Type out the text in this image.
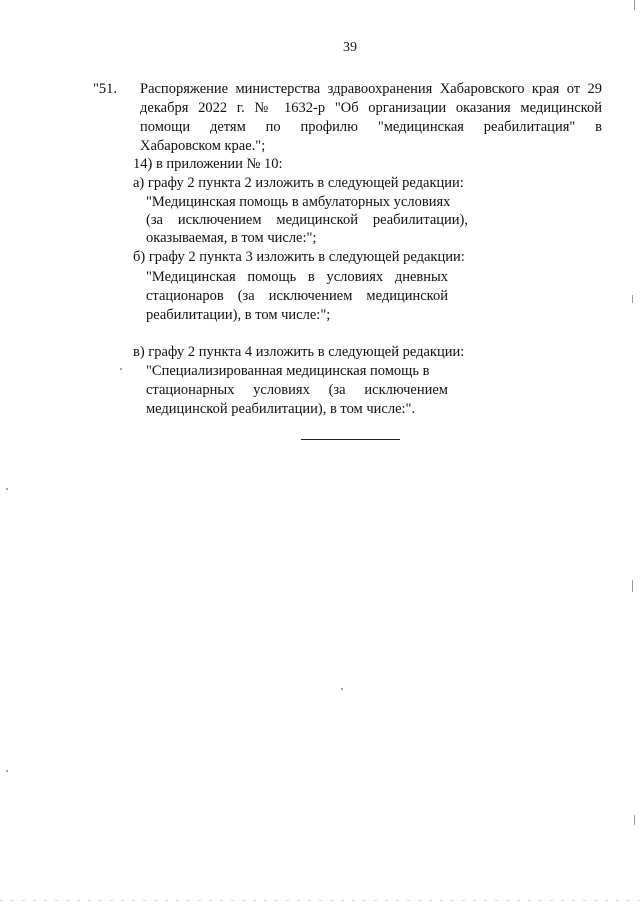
39
"51. Распоряжение министерства здравоохранения Хабаровского края от 29
декабря 2022 г. № 1632-р "Об организации оказания медицинской
помощи детям по профилю "медицинская реабилитация" в
Хабаровском крае.";
14) в приложении № 10:
а) графу 2 пункта 2 изложить в следующей редакции:
"Медицинская помощь в амбулаторных условиях
(за исключением медицинской реабилитации),
оказываемая, в том числе:";
б) графу 2 пункта 3 изложить в следующей редакции:
"Медицинская помощь в условиях дневных
стационаров (за исключением медицинской
реабилитации), в том числе:";
в) графу 2 пункта 4 изложить в следующей редакции:
"Специализированная медицинская помощь в
стационарных условиях (за исключением
медицинской реабилитации), в том числе:".
